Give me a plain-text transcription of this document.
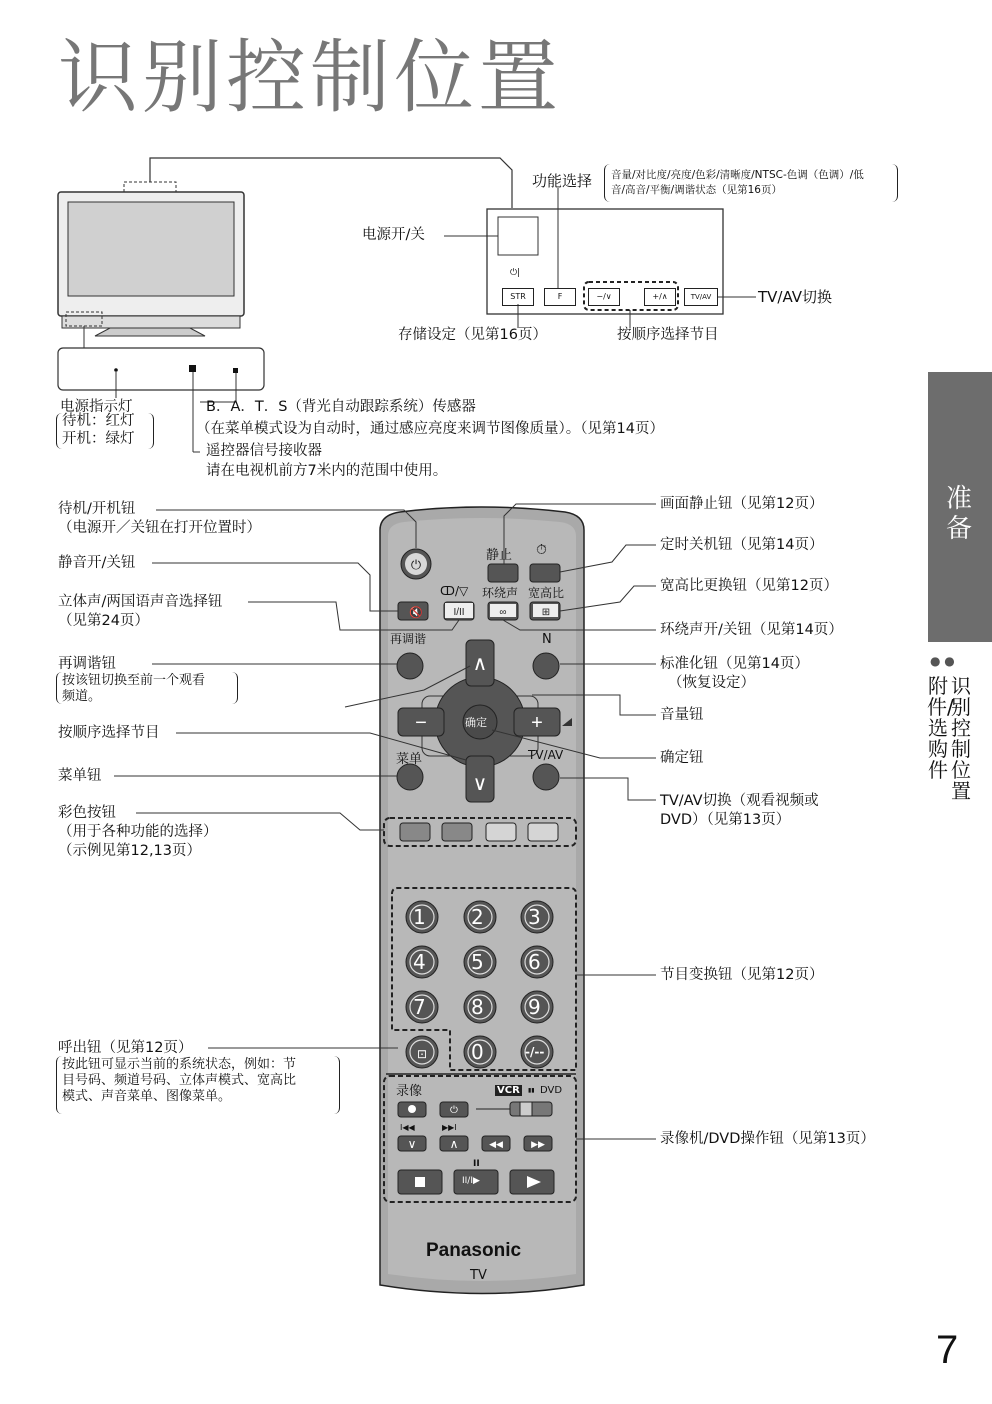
识别控制位置
准备
● ●
识别控制位置
附件/选购件
7
⏻|
STR	F	−/∨	+/∧	TV/AV
电源开/关
功能选择 音量/对比度/亮度/色彩/清晰度/NTSC-色调（色调）/低
音/高音/平衡/调谐状态（见第16页）
TV/AV切换
存储设定（见第16页）	按顺序选择节目
电源指示灯
待机：红灯
开机：绿灯
B．A．T．S（背光自动跟踪系统）传感器
（在菜单模式设为自动时，通过感应亮度来调节图像质量）。（见第14页）
遥控器信号接收器
请在电视机前方7米内的范围中使用。
⏻
🔇	I/II	∞	⊞
∧
∨
−	+
⊡
⏻
∨	∧	◀◀	▶▶
静止 ⏱
ↀ/▽ 环绕声 宽高比
再调谐	N
确定
菜单	TV/AV
1 2 3
4 5 6
7 8 9
0	-/--
录像	VCR	▮▮ DVD
I◀◀	▶▶I
II
II/I▶
Panasonic
TV
待机/开机钮
（电源开／关钮在打开位置时）
静音开/关钮
立体声/两国语声音选择钮
（见第24页）
再调谐钮
按该钮切换至前一个观看
频道。
按顺序选择节目
菜单钮
彩色按钮
（用于各种功能的选择）
（示例见第12,13页）
呼出钮（见第12页）
按此钮可显示当前的系统状态，例如：节
目号码、频道号码、立体声模式、宽高比
模式、声音菜单、图像菜单。
画面静止钮（见第12页）
定时关机钮（见第14页）
宽高比更换钮（见第12页）
环绕声开/关钮（见第14页）
标准化钮（见第14页）
（恢复设定）
音量钮
确定钮
TV/AV切换（观看视频或
DVD）（见第13页）
节目变换钮（见第12页）
录像机/DVD操作钮（见第13页）
